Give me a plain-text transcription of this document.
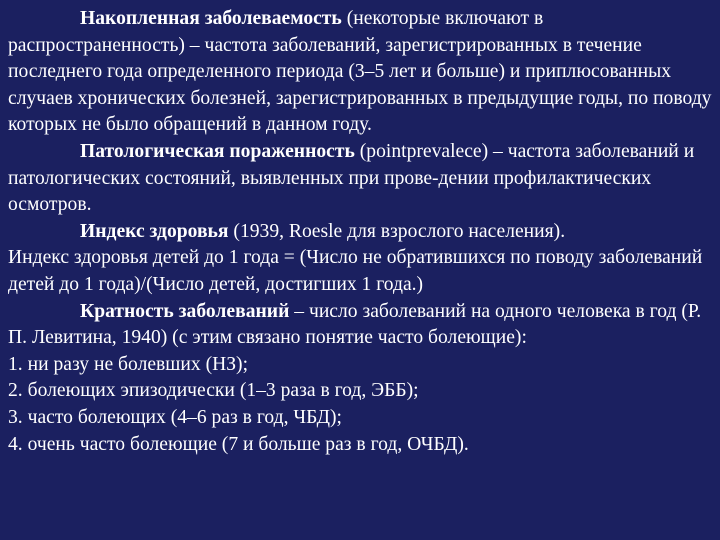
Накопленная заболеваемость (некоторые включают в распространенность) – частота заболеваний, зарегистрированных в течение последнего года определенного периода (3–5 лет и больше) и приплюсованных случаев хронических болезней, зарегистрированных в предыдущие годы, по поводу которых не было обращений в данном году.

Патологическая пораженность (pointprevalece) – частота заболеваний и патологических состояний, выявленных при прове-дении профилактических осмотров.

Индекс здоровья (1939, Roesle для взрослого населения).

Индекс здоровья детей до 1 года = (Число не обратившихся по поводу заболеваний детей до 1 года)/(Число детей, достигших 1 года.)

Кратность заболеваний – число заболеваний на одного человека в год (Р. П. Левитина, 1940) (с этим связано понятие часто болеющие):

1. ни разу не болевших (НЗ);
2. болеющих эпизодически (1–3 раза в год, ЭББ);
3. часто болеющих (4–6 раз в год, ЧБД);
4. очень часто болеющие (7 и больше раз в год, ОЧБД).
